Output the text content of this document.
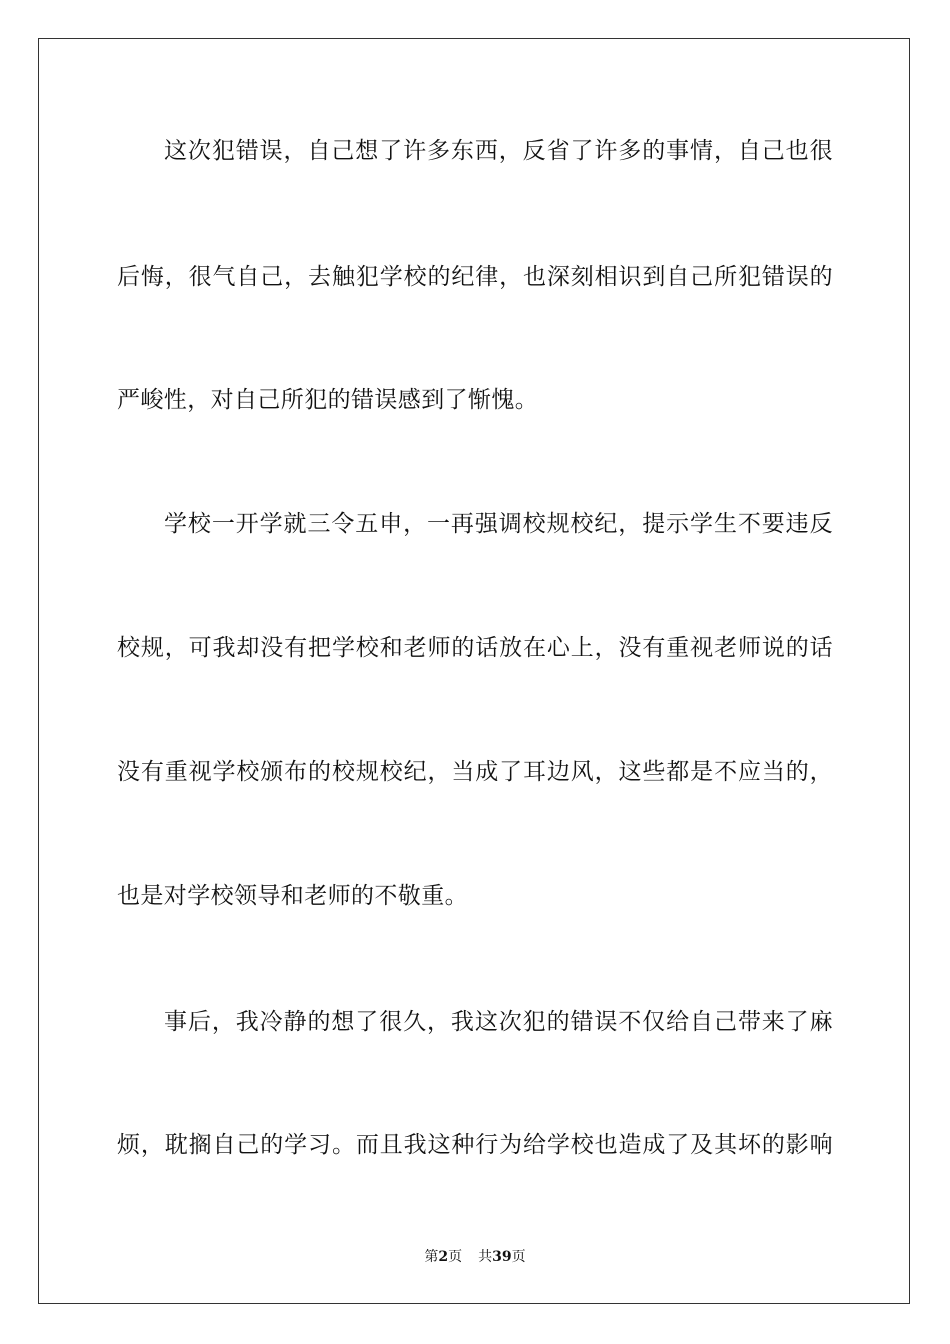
这次犯错误，自己想了许多东西，反省了许多的事情，自己也很
后悔，很气自己，去触犯学校的纪律，也深刻相识到自己所犯错误的
严峻性，对自己所犯的错误感到了惭愧。
学校一开学就三令五申，一再强调校规校纪，提示学生不要违反
校规，可我却没有把学校和老师的话放在心上，没有重视老师说的话
没有重视学校颁布的校规校纪，当成了耳边风，这些都是不应当的，
也是对学校领导和老师的不敬重。
事后，我冷静的想了很久，我这次犯的错误不仅给自己带来了麻
烦，耽搁自己的学习。而且我这种行为给学校也造成了及其坏的影响
第2页 共39页
